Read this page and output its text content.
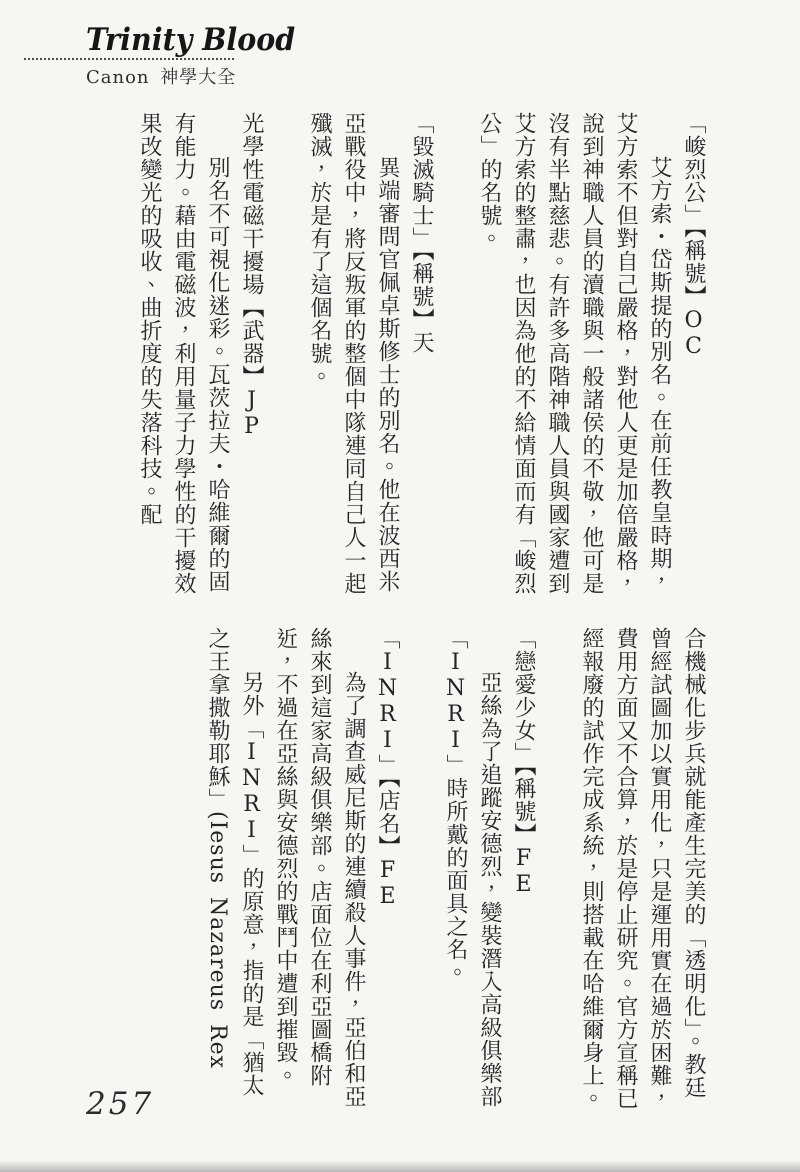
Trinity Blood
Canon 神學大全
「峻烈公」【稱號】OC

艾方索・岱斯提的別名。在前任教皇時期，艾方索不但對自己嚴格，對他人更是加倍嚴格，說到神職人員的瀆職與一般諸侯的不敬，他可是沒有半點慈悲。有許多高階神職人員與國家遭到艾方索的整肅，也因為他的不給情面而有「峻烈公」的名號。

「毀滅騎士」【稱號】天

異端審問官佩卓斯修士的別名。他在波西米亞戰役中，將反叛軍的整個中隊連同自己人一起殲滅，於是有了這個名號。

光學性電磁干擾場【武器】JP

別名不可視化迷彩。瓦茨拉夫・哈維爾的固有能力。藉由電磁波，利用量子力學性的干擾效果改變光的吸收、曲折度的失落科技。配

合機械化步兵就能產生完美的「透明化」。教廷曾經試圖加以實用化，只是運用實在過於困難，費用方面又不合算，於是停止研究。官方宣稱已經報廢的試作完成系統，則搭載在哈維爾身上。

「戀愛少女」【稱號】FE

亞絲為了追蹤安德烈，變裝潛入高級俱樂部「INRI」時所戴的面具之名。

「INRI」【店名】FE

為了調查威尼斯的連續殺人事件，亞伯和亞絲來到這家高級俱樂部。店面位在利亞圖橋附近，不過在亞絲與安德烈的戰鬥中遭到摧毀。

另外「INRI」的原意，指的是「猶太之王拿撒勒耶穌」(Iesus Nazareus Rex

257
